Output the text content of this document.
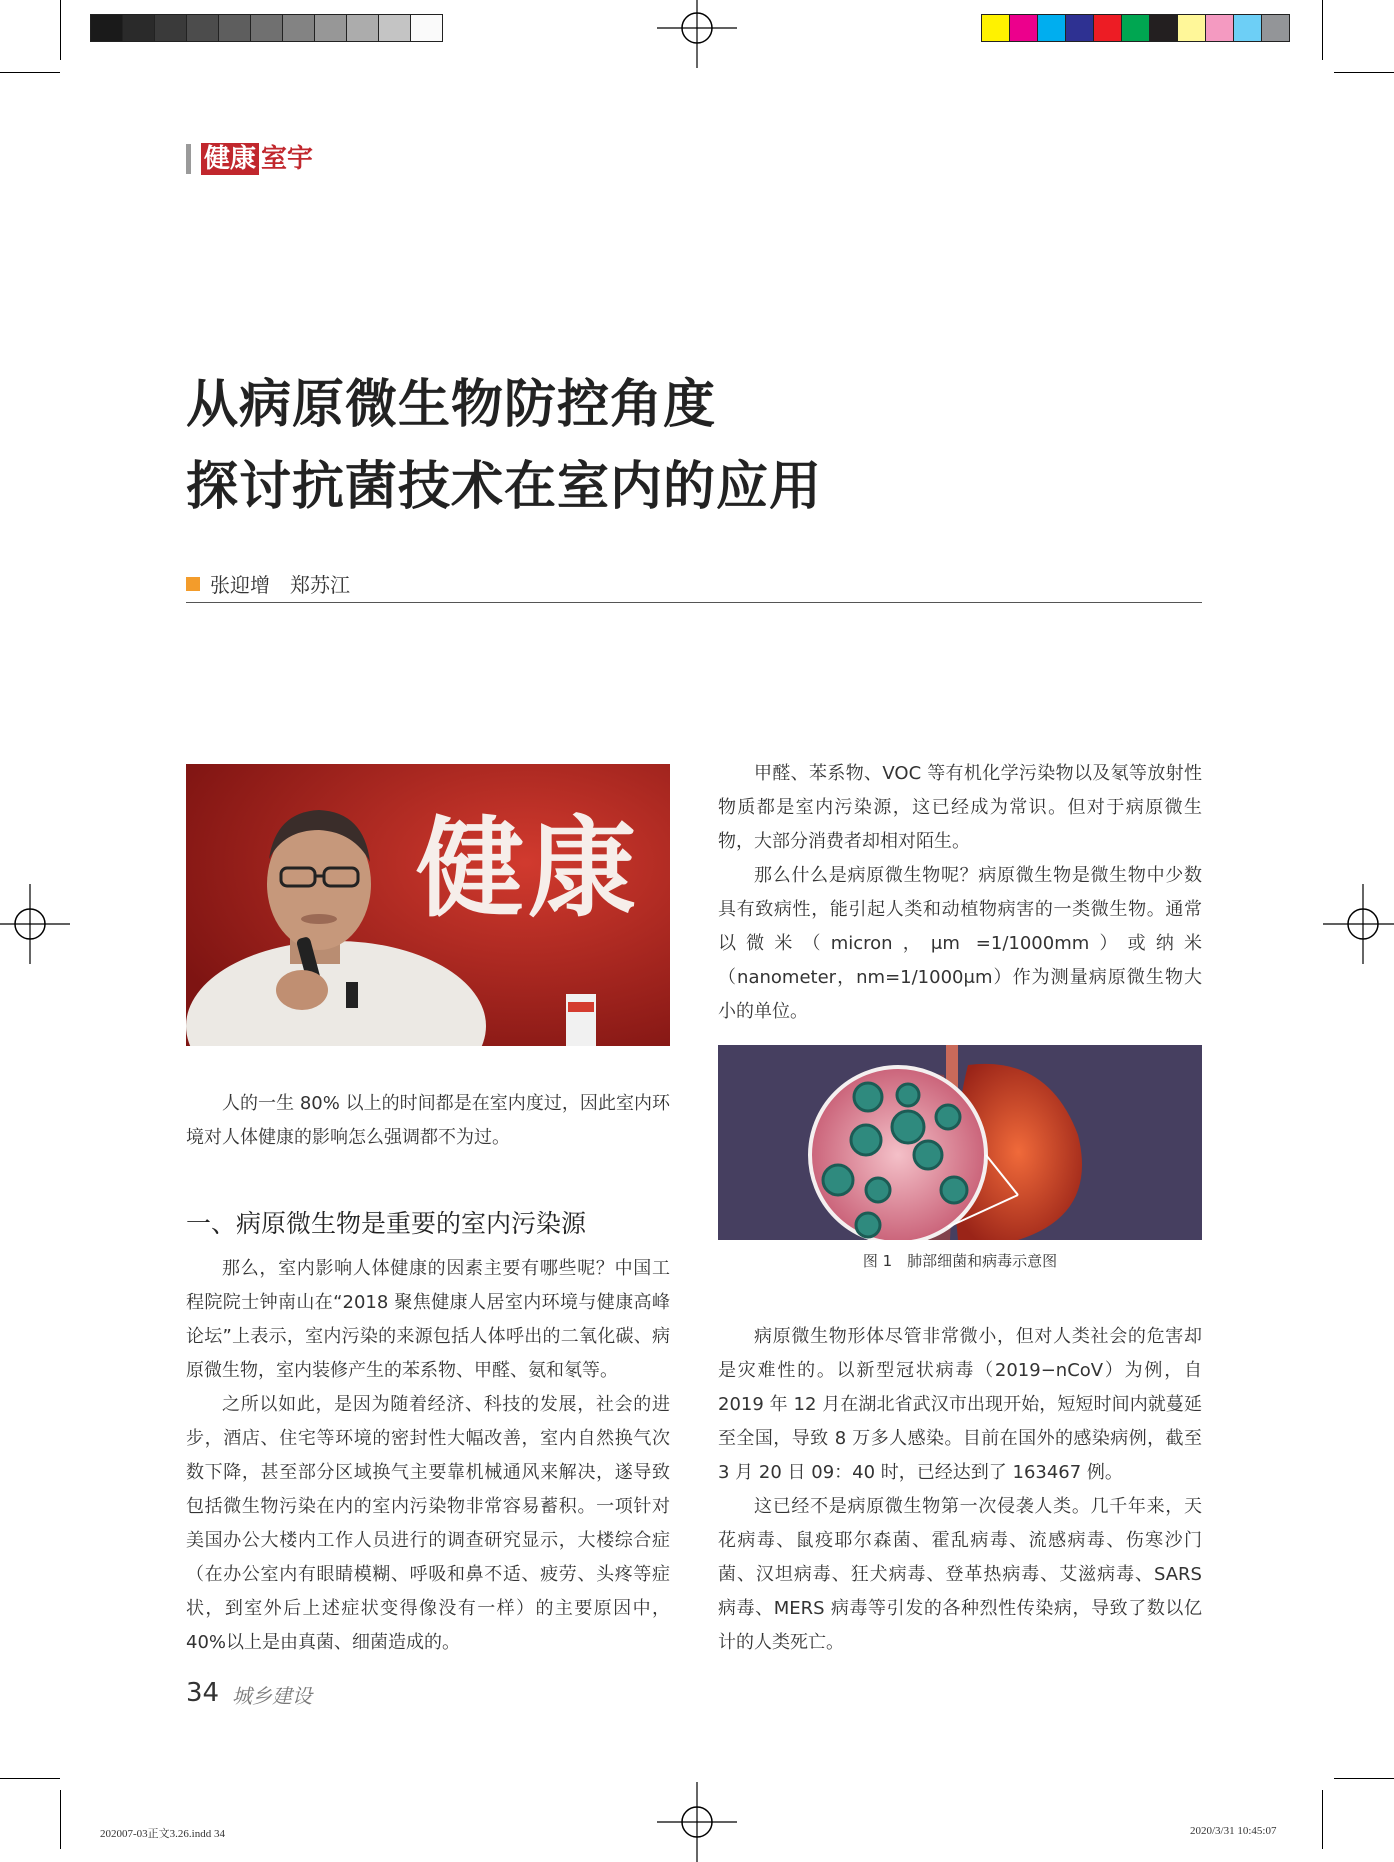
健康 室宇
从病原微生物防控角度
探讨抗菌技术在室内的应用
张迎增　郑苏江
健康
图 1　肺部细菌和病毒示意图

人的一生 80% 以上的时间都是在室内度过，因此室内环境对人体健康的影响怎么强调都不为过。

一、病原微生物是重要的室内污染源

那么，室内影响人体健康的因素主要有哪些呢？中国工程院院士钟南山在“2018 聚焦健康人居室内环境与健康高峰论坛”上表示，室内污染的来源包括人体呼出的二氧化碳、病原微生物，室内装修产生的苯系物、甲醛、氨和氡等。

之所以如此，是因为随着经济、科技的发展，社会的进步，酒店、住宅等环境的密封性大幅改善，室内自然换气次数下降，甚至部分区域换气主要靠机械通风来解决，遂导致包括微生物污染在内的室内污染物非常容易蓄积。一项针对美国办公大楼内工作人员进行的调查研究显示，大楼综合症（在办公室内有眼睛模糊、呼吸和鼻不适、疲劳、头疼等症状，到室外后上述症状变得像没有一样）的主要原因中，40%以上是由真菌、细菌造成的。

甲醛、苯系物、VOC 等有机化学污染物以及氡等放射性物质都是室内污染源，这已经成为常识。但对于病原微生物，大部分消费者却相对陌生。

那么什么是病原微生物呢？病原微生物是微生物中少数具有致病性，能引起人类和动植物病害的一类微生物。通常以微米（micron，μm =1/1000mm）或纳米（nanometer，nm=1/1000μm）作为测量病原微生物大小的单位。

病原微生物形体尽管非常微小，但对人类社会的危害却是灾难性的。以新型冠状病毒（2019−nCoV）为例，自 2019 年 12 月在湖北省武汉市出现开始，短短时间内就蔓延至全国，导致 8 万多人感染。目前在国外的感染病例，截至 3 月 20 日 09：40 时，已经达到了 163467 例。

这已经不是病原微生物第一次侵袭人类。几千年来，天花病毒、鼠疫耶尔森菌、霍乱病毒、流感病毒、伤寒沙门菌、汉坦病毒、狂犬病毒、登革热病毒、艾滋病毒、SARS 病毒、MERS 病毒等引发的各种烈性传染病，导致了数以亿计的人类死亡。

34 城乡建设
202007-03正文3.26.indd 34	2020/3/31 10:45:07
